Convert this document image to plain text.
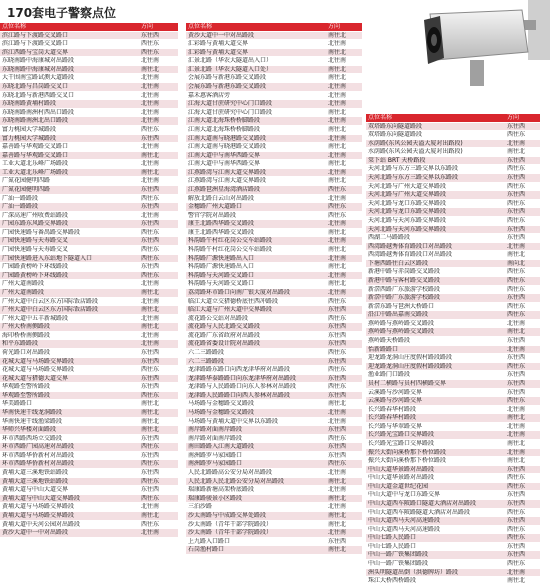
170套电子警察点位
点位名称	方向
滨江路与下渡路交叉路口	东往西
滨江路与下渡路交叉路口	西往东
滨江西路与宝岗大道交界	西往东
东晓南路中海康城对出路段	北往南
东晓南路中海康城对出路段	南往北
大干围南宝路试测大道路段	北往南
东晓北路与昌岗路交叉口	北往南
东晓北路与新港西路交叉口	北往南
东晓南路黄埔村路段	北往南
东晓南路南洲村西出口路段	北往南
东晓南路南洲北出口路段	北往南
富力桃园大学城路段	西往东
富力桃园大学城路段	东往西
嘉善路与华观路交叉路口	北往南
嘉善路与华观路交叉路口	南往北
工业大道北乐峰广场路段	北往南
工业大道北乐峰广场路段	南往北
广氮花园健明四路	北往南
广氮花园健明四路	东往西
广汕一路路段	西往东
广汕一路路段	东往西
广深高速广州收费站路段	北往南
广园东路东风路交界路段	东往西
广园快速路与番禺路交界路段	西往东
广园快速路与天寿路交叉	东往西
广园快速路与天寿路交叉	西往东
广园快速路进入东站地下隧道入口	西往东
广园路黄榜岭下环线路段	东往西
广园路黄榜岭下环线路段	西往东
广州大道南路段	北往南
广州大道南路段	南往北
广州大道中白云区东方国际饭店路段	北往南
广州大道中白云区东方国际饭店路段	南往北
广州大道中五羊新城路段	北往南
广州大桥南侧路段	南往北
海印桥桥南侧路段	北往南
和平东路路段	北往南
荷光路口对出路段	东往西
花城大道与马场路交界路段	东往西
花城大道与马场路交界路段	西往东
花城大道与猎德大道交界	东往西
华观路至警所路段	东往西
华观路至警所路段	西往东
华美路路口	南往北
华南快速干线龙洞路段	南往北
华南快速干线渔梁路段	南往北
华师兴华楼对面路段	南往北
环市西路西场立交路段	东往西
环市西路广园高速对出路段	西往东
环市西路华侨新村对出路段	东往西
环市西路华侨新村对出路段	西往东
黄埔大道三溪地铁站路段	东往西
黄埔大道三溪地铁站路段	西往东
黄埔大道与中山大道交界	东往西
黄埔大道与中山大道交界路段	西往东
黄埔大道与马场路交界路段	北往南
黄埔大道与马场路交界路段	南往北
黄埔大道中天河公园对出路段	西往东
黄沙大道中一中对出路段	北往南
点位名称	方向
黄沙大道中一中对出路段	南往北
汇彩路与黄埔大道交界	北往南
汇彩路与黄埔大道交界	南往北
汇景北路（华农大隧道出入口）	北往南
汇景北路（华农大隧道入口处）	南往北
会展东路与新港东路交叉路段	南往北
会展东路与新港东路交叉路段	北往南
嘉禾惠客酒店旁	北往南
江海大道甘蔗研究中心门口路段	北往南
江海大道甘蔗研究中心门口路段	南往北
江南大道北海珠桥桥脚路段	北往南
江南大道北海珠桥桥脚路段	南往北
江南大道南与晓港路交叉路段	北往南
江南大道南与晓港路交叉路段	南往北
江南大道中与南华西路交界	北往南
江南大道中与南华西路交界	南往北
江燕路湾与江南大道交界路段	北往南
江燕路湾与江南大道交界路段	南往北
江燕路琶洲星海湾酒店路段	西往东
解放北路白云山对出路段	北往南
金穗路广州大道路口	西往东
警官学院对出路段	西往东
康王北路西华路交叉路段	北往南
康王北路西华路交叉路段	南往北
科韵路午村红花岗公交车站路段	北往南
科韵路午村红花岗公交车站路段	南往北
科韵路广源快速路出入口	北往南
科韵路广源快速路出入口	南往北
科韵路与天河路交叉路口	北往南
科韵路与天河路交叉路口	南往北
荔湾路环市路口向南广银大厦对出路段	北往南
临江大道立交猎德桥底往西冲路段	西往东
临江大道与广州大道中交界路段	东往西
流花路公交站对出路段	西往东
流花路与人民北路交叉路段	东往西
流花路广东省政府对出路段	东往西
流花路省委设计院对出路段	东往西
六二三路路段	西往东
六二三路路段	东往西
龙津路路东路口向西龙津华府对出路段	西往东
龙津路华泰路路口向东龙津华府对出路段	东往西
龙津路与人民路路口向东人参林对出路段	西往东
龙津路人民路路口向西人参林对出路段	东往西
马场路与金穗路交叉路段	南往北
马场路与金穗路交叉路段	北往南
马场路与黄埔大道中交界以东路段	北往南
南岸路对面南岸路段	东往西
南岸路对面南岸路段	西往东
南田路路入江南大道路段	东往西
南洲路罗马家园路口	东往西
南洲路罗马家园路口	西往东
人民北路路高公安分局对出路段	北往南
人民北路人民北路公安分局对出路段	南往北
瑞康路新塘高架桥底路段	北往南
瑞康路骏景小区路段	南往北
三泊沙路	北往南
沙太南路与中成路交界处路段	南往北
沙太南路（青年干部学院路段）	南往北
沙太南路（青年干部学院路段）	北往南
上九路入口路口	东往西
石岗渔村路口	南往北
点位名称	方向
双塔路东向隧道路段	东往西
双塔路东向隧道路段	西往东
水荫路(东风公园天溢大厦对出路段)	北往南
水荫路(东风公园天溢大厦对出路段)	南往北
棠下站 BRT 天桥路段	东往西
天河北路与东方三路交界以东路段	西往东
天河北路与东方三路交界以东路段	东往西
天河北路与广州大道交界路段	西往东
天河北路与广州大道交界路段	东往西
天河北路与龙口东路交界路段	西往东
天河北路与龙口东路交界路段	东往西
天河北路与天河东路交界路段	西往东
天河北路与天河东路交界路段	东往西
西湖二马路路段	东往西
西湾路越秀体育路段口对出路段	北往南
西湾路越秀体育路段口对出路段	南往北
下塘西路往白云区路段	南向北
新港中路与赤岗路交叉路段	西往东
新港中路与客村路交叉路段	西往东
新滘西路广东旅游学校路段	西往东
新滘中路广东旅游学校路段	东往西
新滘东路与琶洲大桥路口	西往东
沿江中路出嘉南交路段	西往东
燕岭路与燕岭路交叉路段	北往南
燕岭路与燕岭路交叉路段	南往北
燕岭路天桥路段	东往西
怡新路路口	北往南
迎龙路龙洞山庄度假村路段路段	东往西
迎龙路龙洞山庄度假村路段路段	西往东
渔业路门口路段	东往西
员村二横路与员村四横路交界	东往西
云溪路与沙河路交界	东往西
云溪路与沙河路交界	西往东
长兴路春华村路段	北往南
长兴路春华村路段	南往北
长兴路与华翠路交界	北往南
长兴路光宝路口交界路段	北往南
长兴路光宝路口交界路段	南往北
振兴大街向溪桥那下桥位路段	北往南
振兴大街向溪桥那下桥位路段	南往北
中山大道华景路对出路段	东往西
中山大道华景路对出路段	西往东
中山大道金道世纪花园	西往东
中山大道中与龙口东路交界	东往西
中山大道西车陂路口隧道大酒店对出路段	东往西
中山大道西车陂路隧道大酒店对出路段	西往东
中山大道西马天河高速路段	东往西
中山大道西马天河高速路段	西往东
中山七路人民路口	西往东
中山七路人民路口	东往西
中山一路广铁集团路段	东往西
中山一路广铁集团路段	西往东
洲头明隧道出倒（洪德牌坊）路段	北往南
珠江大桥西桥路段	南往北
